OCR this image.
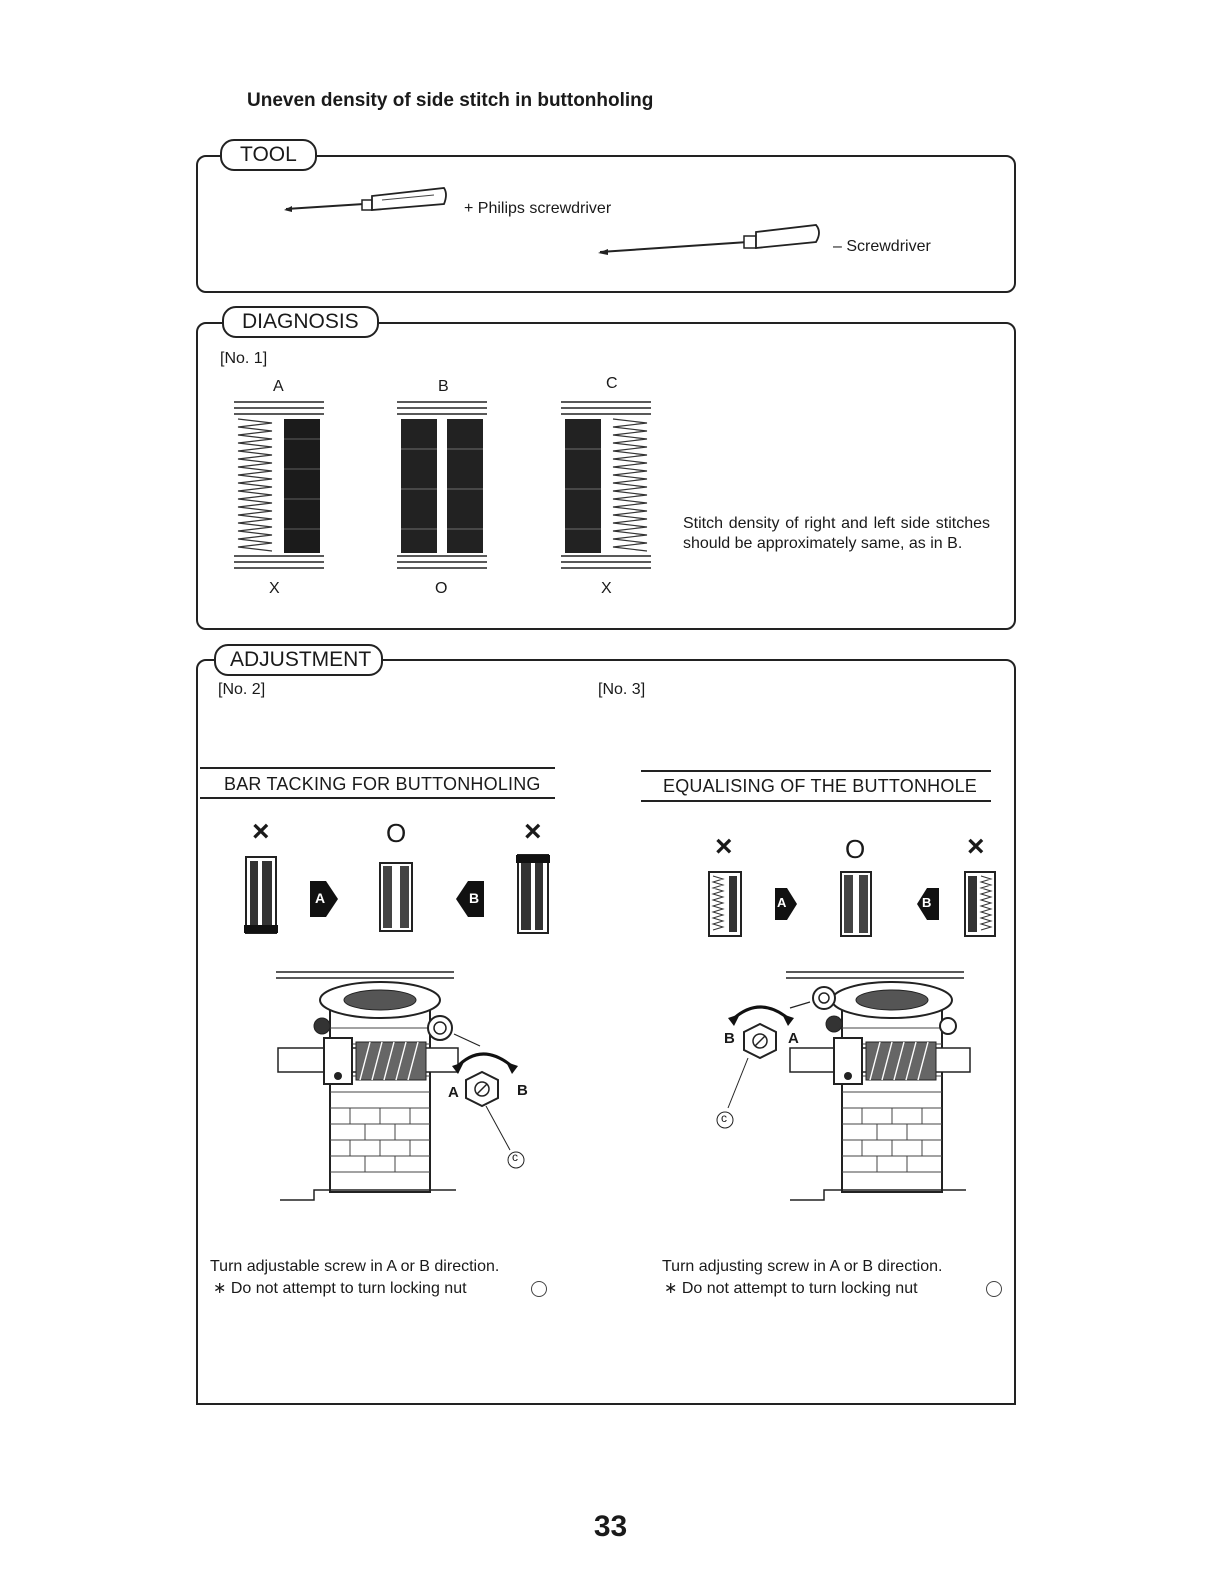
Uneven density of side stitch in buttonholing
TOOL
+ Philips screwdriver
– Screwdriver
DIAGNOSIS
[No. 1]
A
X
B
O
C
X
Stitch density of right and left side stitches should be approximately same, as in B.
ADJUSTMENT
[No. 2]	[No. 3]
BAR TACKING FOR BUTTONHOLING	EQUALISING OF THE BUTTONHOLE
×	O	×
A	B
×	O	×
A	B
A	B
c
B	A
c
Turn adjustable screw in A or B direction.
∗ Do not attempt to turn locking nut
Turn adjusting screw in A or B direction.
∗ Do not attempt to turn locking nut
33
